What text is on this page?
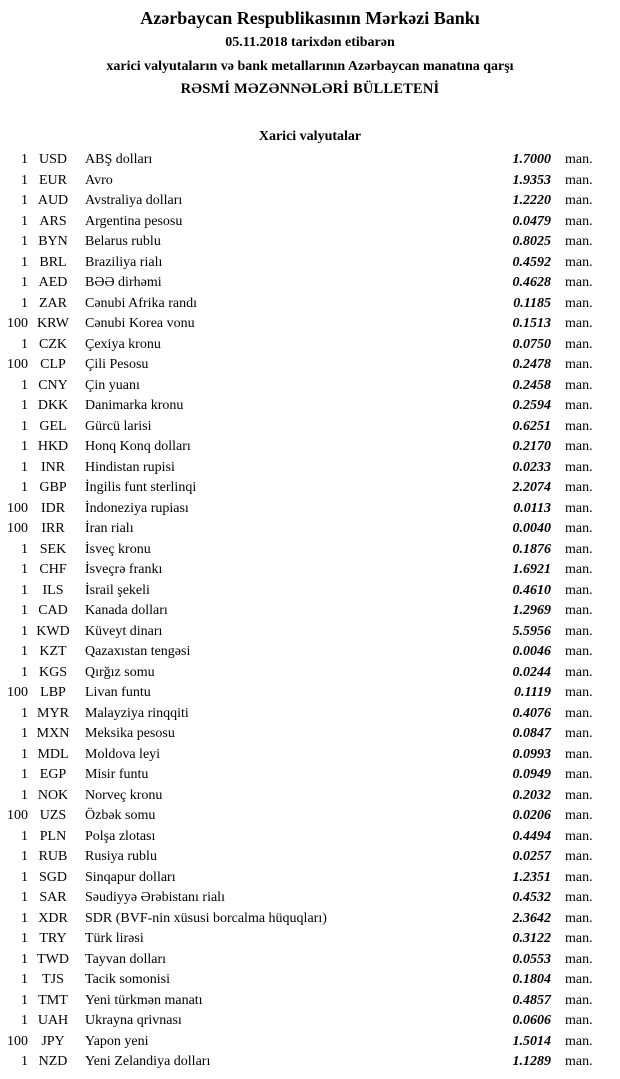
Azərbaycan Respublikasının Mərkəzi Bankı
05.11.2018 tarixdən etibarən
xarici valyutaların və bank metallarının Azərbaycan manatına qarşı
RƏSMİ MƏZƏNNƏLƏRİ BÜLLETENİ
Xarici valyutalar
1 USD	ABŞ dolları	1.7000	man.
1 EUR	Avro	1.9353	man.
1 AUD	Avstraliya dolları	1.2220	man.
1 ARS	Argentina pesosu	0.0479	man.
1 BYN	Belarus rublu	0.8025	man.
1 BRL	Braziliya rialı	0.4592	man.
1 AED	BƏƏ dirhəmi	0.4628	man.
1 ZAR	Cənubi Afrika randı	0.1185	man.
100 KRW	Cənubi Korea vonu	0.1513	man.
1 CZK	Çexiya kronu	0.0750	man.
100 CLP	Çili Pesosu	0.2478	man.
1 CNY	Çin yuanı	0.2458	man.
1 DKK	Danimarka kronu	0.2594	man.
1 GEL	Gürcü larisi	0.6251	man.
1 HKD	Honq Konq dolları	0.2170	man.
1 INR	Hindistan rupisi	0.0233	man.
1 GBP	İngilis funt sterlinqi	2.2074	man.
100 IDR	İndoneziya rupiası	0.0113	man.
100 IRR	İran rialı	0.0040	man.
1 SEK	İsveç kronu	0.1876	man.
1 CHF	İsveçrə frankı	1.6921	man.
1	ILS	İsrail şekeli	0.4610	man.
1 CAD	Kanada dolları	1.2969	man.
1 KWD	Küveyt dinarı	5.5956	man.
1 KZT	Qazaxıstan tengəsi	0.0046	man.
1 KGS	Qırğız somu	0.0244	man.
100 LBP	Livan funtu	0.1119	man.
1 MYR	Malayziya rinqqiti	0.4076	man.
1 MXN	Meksika pesosu	0.0847	man.
1 MDL	Moldova leyi	0.0993	man.
1 EGP	Misir funtu	0.0949	man.
1 NOK	Norveç kronu	0.2032	man.
100 UZS	Özbək somu	0.0206	man.
1 PLN	Polşa zlotası	0.4494	man.
1 RUB	Rusiya rublu	0.0257	man.
1 SGD	Sinqapur dolları	1.2351	man.
1 SAR	Səudiyyə Ərəbistanı rialı	0.4532	man.
1 XDR	SDR (BVF-nin xüsusi borcalma hüquqları)	2.3642	man.
1 TRY	Türk lirəsi	0.3122	man.
1 TWD	Tayvan dolları	0.0553	man.
1	TJS	Tacik somonisi	0.1804	man.
1 TMT	Yeni türkmən manatı	0.4857	man.
1 UAH	Ukrayna qrivnası	0.0606	man.
100 JPY	Yapon yeni	1.5014	man.
1 NZD	Yeni Zelandiya dolları	1.1289	man.
